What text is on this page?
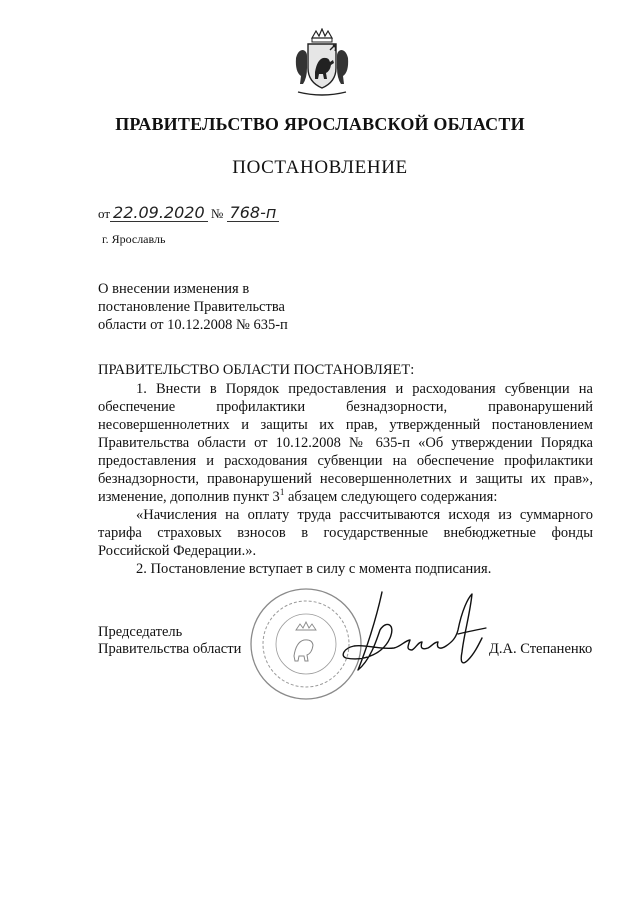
ПРАВИТЕЛЬСТВО ЯРОСЛАВСКОЙ ОБЛАСТИ
ПОСТАНОВЛЕНИЕ
от 22.09.2020 № 768-п
г. Ярославль
О внесении изменения в
постановление Правительства
области от 10.12.2008 № 635-п
ПРАВИТЕЛЬСТВО ОБЛАСТИ ПОСТАНОВЛЯЕТ:

1. Внести в Порядок предоставления и расходования субвенции на обеспечение профилактики безнадзорности, правонарушений несовершеннолетних и защиты их прав, утвержденный постановлением Правительства области от 10.12.2008 № 635-п «Об утверждении Порядка предоставления и расходования субвенции на обеспечение профилактики безнадзорности, правонарушений несовершеннолетних и защиты их прав», изменение, дополнив пункт $3^1$ абзацем следующего содержания:

«Начисления на оплату труда рассчитываются исходя из суммарного тарифа страховых взносов в государственные внебюджетные фонды Российской Федерации.».

2. Постановление вступает в силу с момента подписания.

Председатель
Правительства области	Д.А. Степаненко
